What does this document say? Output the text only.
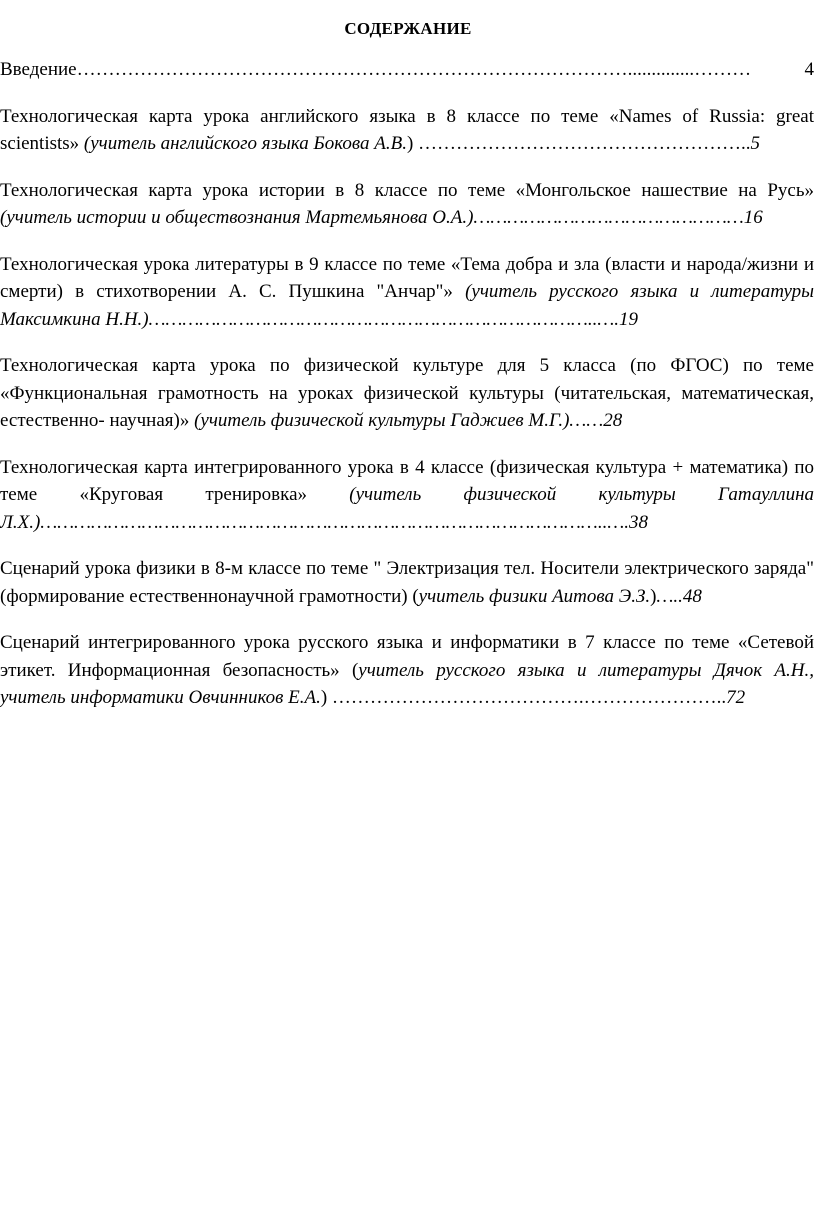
СОДЕРЖАНИЕ

Введение ……………………………………………………………………………..............………	4

Технологическая карта урока английского языка в 8 классе по теме «Names of Russia: great scientists» (учитель английского языка Бокова А.В.) ……………………………………………..5

Технологическая карта урока истории в 8 классе по теме «Монгольское нашествие на Русь» (учитель истории и обществознания Мартемьянова О.А.)…………………………………………16

Технологическая урока литературы в 9 классе по теме «Тема добра и зла (власти и народа/жизни и смерти) в стихотворении А. С. Пушкина "Анчар"» (учитель русского языка и литературы Максимкина Н.Н.)……………………………………………………………………..….19

Технологическая карта урока по физической культуре для 5 класса (по ФГОС) по теме «Функциональная грамотность на уроках физической культуры (читательская, математическая, естественно- научная)» (учитель физической культуры Гаджиев М.Г.)……28

Технологическая карта интегрированного урока в 4 классе (физическая культура + математика) по теме «Круговая тренировка» (учитель физической культуры Гатауллина Л.Х.)………………………………………………………………………………………..….38

Сценарий урока физики в 8-м классе по теме " Электризация тел. Носители электрического заряда" (формирование естественнонаучной грамотности) (учитель физики Аитова Э.З.)…..48

Сценарий интегрированного урока русского языка и информатики в 7 классе по теме «Сетевой этикет. Информационная безопасность» (учитель русского языка и литературы Дячок А.Н., учитель информатики Овчинников Е.А.) ………………………………….…………………..72
